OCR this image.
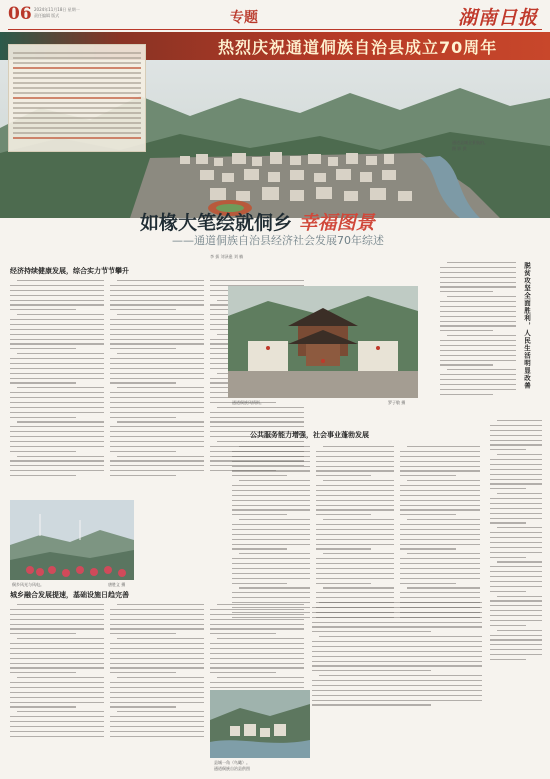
06 2024年11月18日 星期一
责任编辑 版式	专题	湖南日报
热烈庆祝通道侗族自治县成立70周年
通道县城全景航拍。
摄 影 供
如椽大笔绘就侗乡 幸福图景
——通道侗族自治县经济社会发展70年综述
李 拔 刘泽逢 刘 楠
经济持续健康发展，综合实力节节攀升
通道侗族风情街。	罗子敬 摄
侗乡风光与风电。	唐胜义 摄
城乡融合发展提速，基础设施日趋完善
公共服务能力增强，社会事业蓬勃发展
县城一角（鸟瞰）。
通道侗族自治县供图
脱贫攻坚全面胜利，人民生活明显改善
